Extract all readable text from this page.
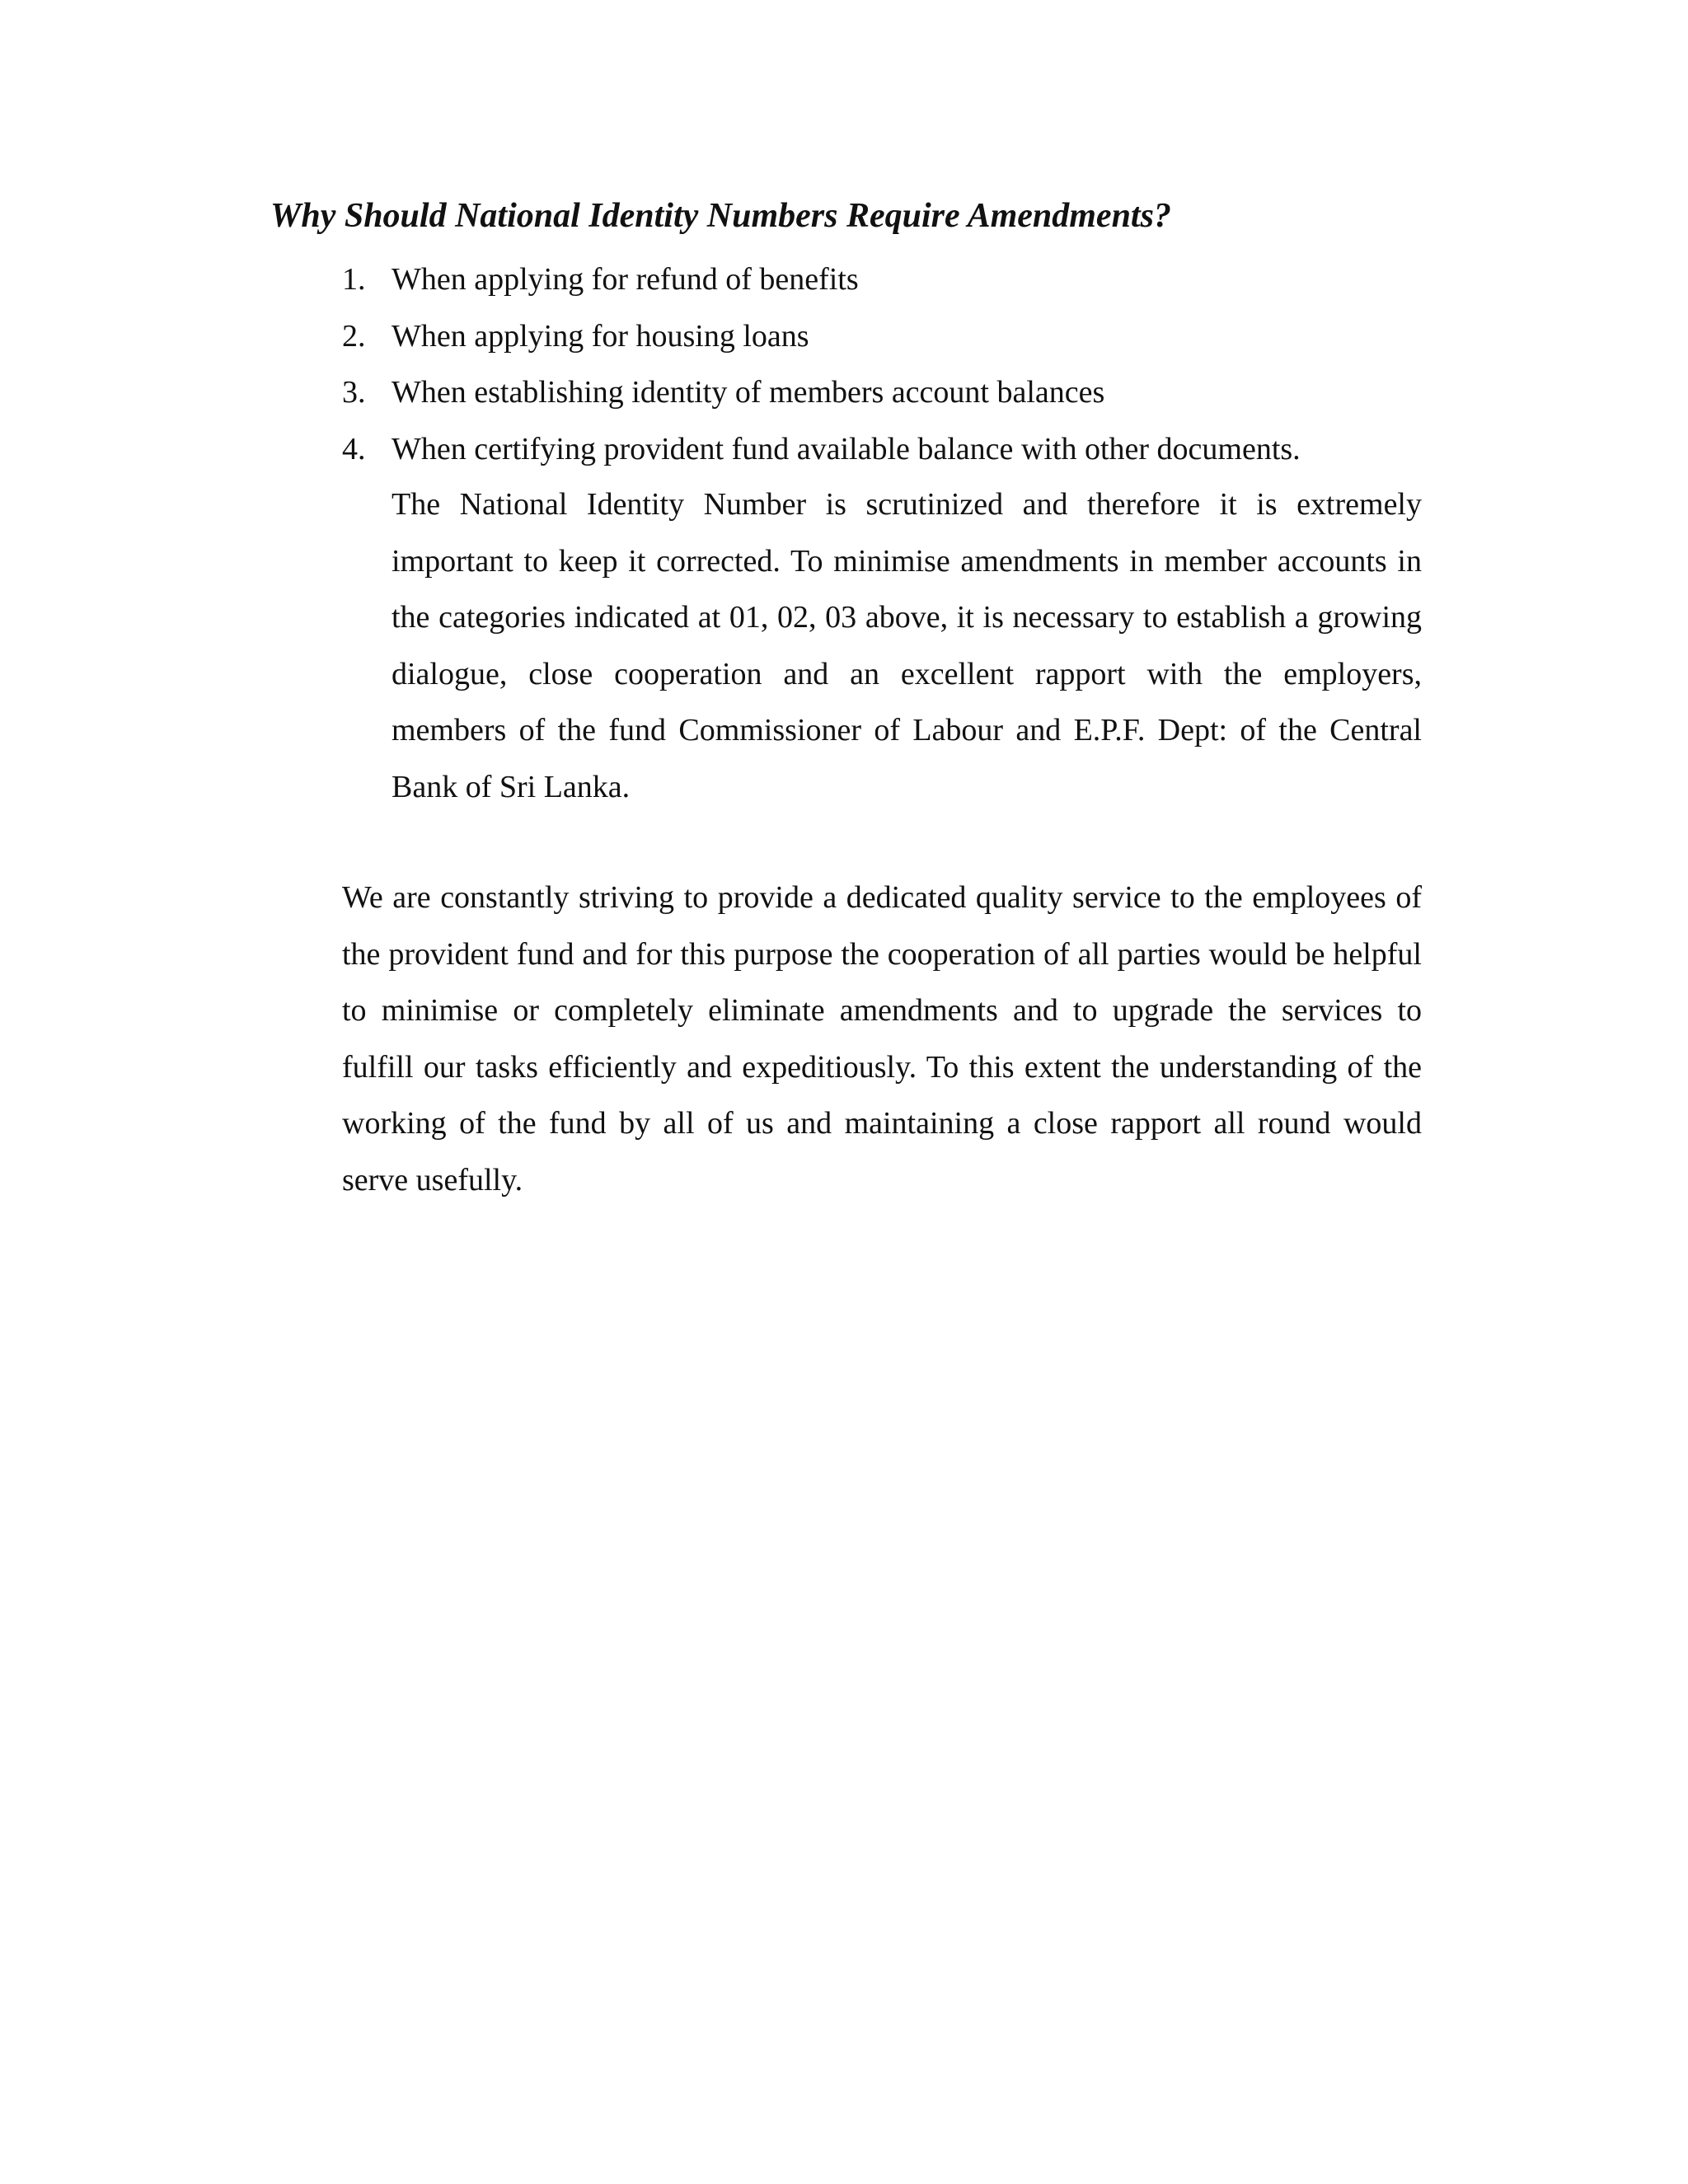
Why Should National Identity Numbers Require Amendments?
1. When applying for refund of benefits
2. When applying for housing loans
3. When establishing identity of members account balances
4. When certifying provident fund available balance with other documents.

The National Identity Number is scrutinized and therefore it is extremely important to keep it corrected. To minimise amendments in member accounts in the categories indicated at 01, 02, 03 above, it is necessary to establish a growing dialogue, close cooperation and an excellent rapport with the employers, members of the fund Commissioner of Labour and E.P.F. Dept: of the Central Bank of Sri Lanka.

We are constantly striving to provide a dedicated quality service to the employees of the provident fund and for this purpose the cooperation of all parties would be helpful to minimise or completely eliminate amendments and to upgrade the services to fulfill our tasks efficiently and expeditiously. To this extent the understanding of the working of the fund by all of us and maintaining a close rapport all round would serve usefully.
